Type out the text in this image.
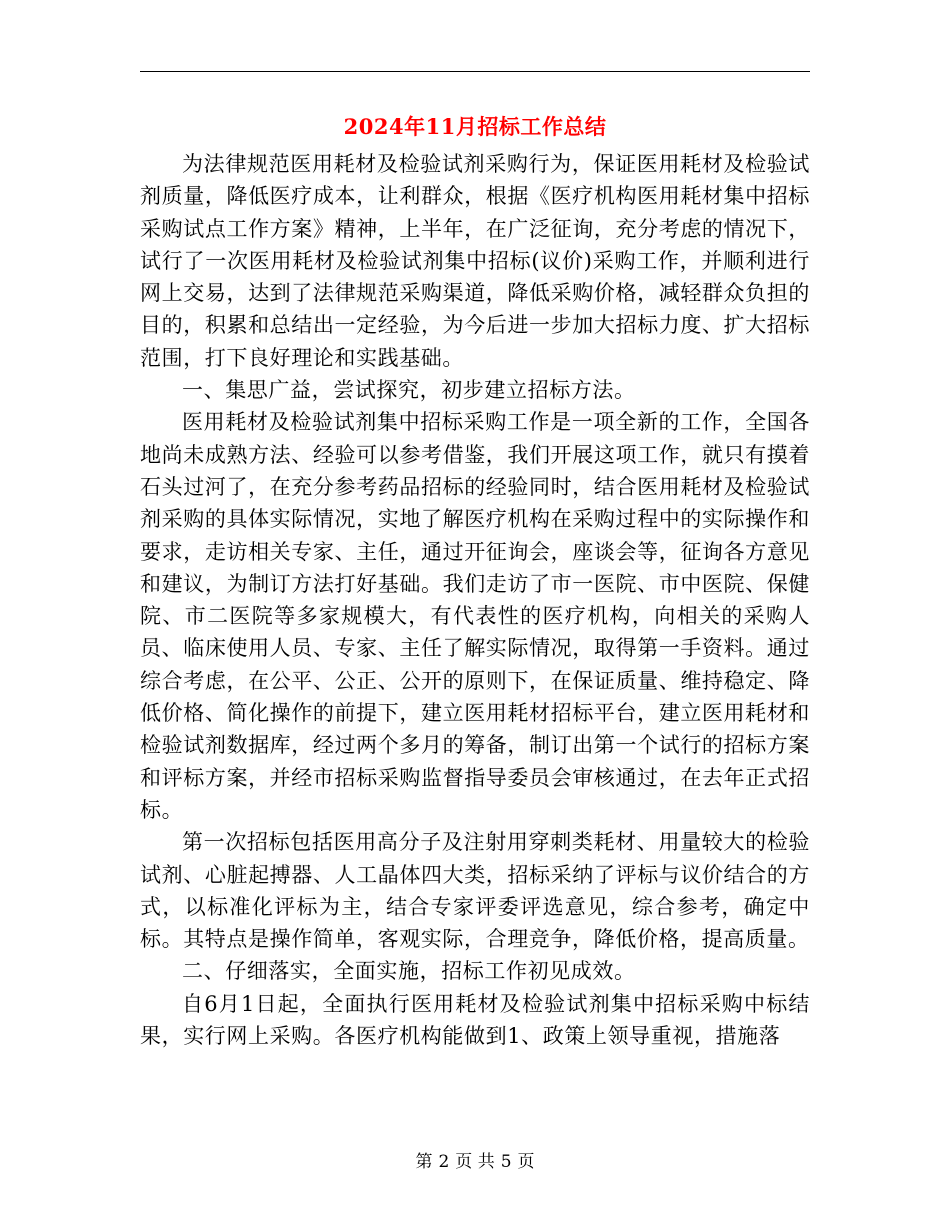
2024年11月招标工作总结

为法律规范医用耗材及检验试剂采购行为，保证医用耗材及检验试剂质量，降低医疗成本，让利群众，根据《医疗机构医用耗材集中招标采购试点工作方案》精神，上半年，在广泛征询，充分考虑的情况下，试行了一次医用耗材及检验试剂集中招标(议价)采购工作，并顺利进行网上交易，达到了法律规范采购渠道，降低采购价格，减轻群众负担的目的，积累和总结出一定经验，为今后进一步加大招标力度、扩大招标范围，打下良好理论和实践基础。

一、集思广益，尝试探究，初步建立招标方法。

医用耗材及检验试剂集中招标采购工作是一项全新的工作，全国各地尚未成熟方法、经验可以参考借鉴，我们开展这项工作，就只有摸着石头过河了，在充分参考药品招标的经验同时，结合医用耗材及检验试剂采购的具体实际情况，实地了解医疗机构在采购过程中的实际操作和要求，走访相关专家、主任，通过开征询会，座谈会等，征询各方意见和建议，为制订方法打好基础。我们走访了市一医院、市中医院、保健院、市二医院等多家规模大，有代表性的医疗机构，向相关的采购人员、临床使用人员、专家、主任了解实际情况，取得第一手资料。通过综合考虑，在公平、公正、公开的原则下，在保证质量、维持稳定、降低价格、简化操作的前提下，建立医用耗材招标平台，建立医用耗材和检验试剂数据库，经过两个多月的筹备，制订出第一个试行的招标方案和评标方案，并经市招标采购监督指导委员会审核通过，在去年正式招标。

第一次招标包括医用高分子及注射用穿刺类耗材、用量较大的检验试剂、心脏起搏器、人工晶体四大类，招标采纳了评标与议价结合的方式，以标准化评标为主，结合专家评委评选意见，综合参考，确定中标。其特点是操作简单，客观实际，合理竞争，降低价格，提高质量。

二、仔细落实，全面实施，招标工作初见成效。

自6月1日起，全面执行医用耗材及检验试剂集中招标采购中标结果，实行网上采购。各医疗机构能做到1、政策上领导重视，措施落

第 2 页 共 5 页
